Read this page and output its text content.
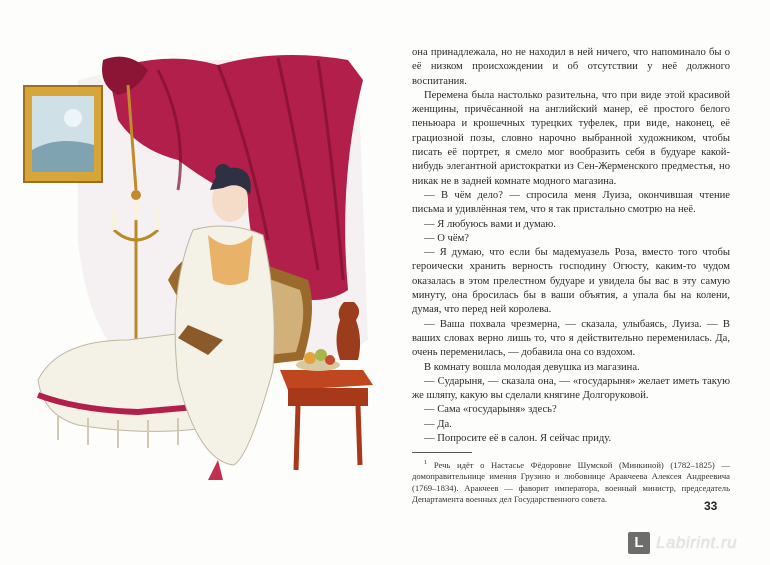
она принадлежала, но не находил в ней ничего, что напоминало бы о её низком происхождении и об отсутствии у неё должного воспитания.

Перемена была настолько разительна, что при виде этой красивой женщины, причёсанной на английский манер, её простого белого пеньюара и крошечных турецких туфелек, при виде, наконец, её грациозной позы, словно нарочно выбранной художником, чтобы писать её портрет, я смело мог вообразить себя в будуаре какой-нибудь элегантной аристократки из Сен-Жерменского предместья, но никак не в задней комнате модного магазина.

— В чём дело? — спросила меня Луиза, окончившая чтение письма и удивлённая тем, что я так пристально смотрю на неё.

— Я любуюсь вами и думаю.

— О чём?

— Я думаю, что если бы мадемуазель Роза, вместо того чтобы героически хранить верность господину Огюсту, каким-то чудом оказалась в этом прелестном будуаре и увидела бы вас в эту самую минуту, она бросилась бы в ваши объятия, а упала бы на колени, думая, что перед ней королева.

— Ваша похвала чрезмерна, — сказала, улыбаясь, Луиза. — В ваших словах верно лишь то, что я действительно переменилась. Да, очень переменилась, — добавила она со вздохом.

В комнату вошла молодая девушка из магазина.

— Сударыня, — сказала она, — «государыня» желает иметь такую же шляпу, какую вы сделали княгине Долгоруковой.

— Сама «государыня» здесь?

— Да.

— Попросите её в салон. Я сейчас приду.

$^1$ Речь идёт о Настасье Фёдоровне Шумской (Минкиной) (1782–1825) — домоправительнице имения Грузино и любовнице Аракчеева Алексея Андреевича (1769–1834). Аракчеев — фаворит императора, военный министр, председатель Департамента военных дел Государственного совета.	33
L Labirint.ru
